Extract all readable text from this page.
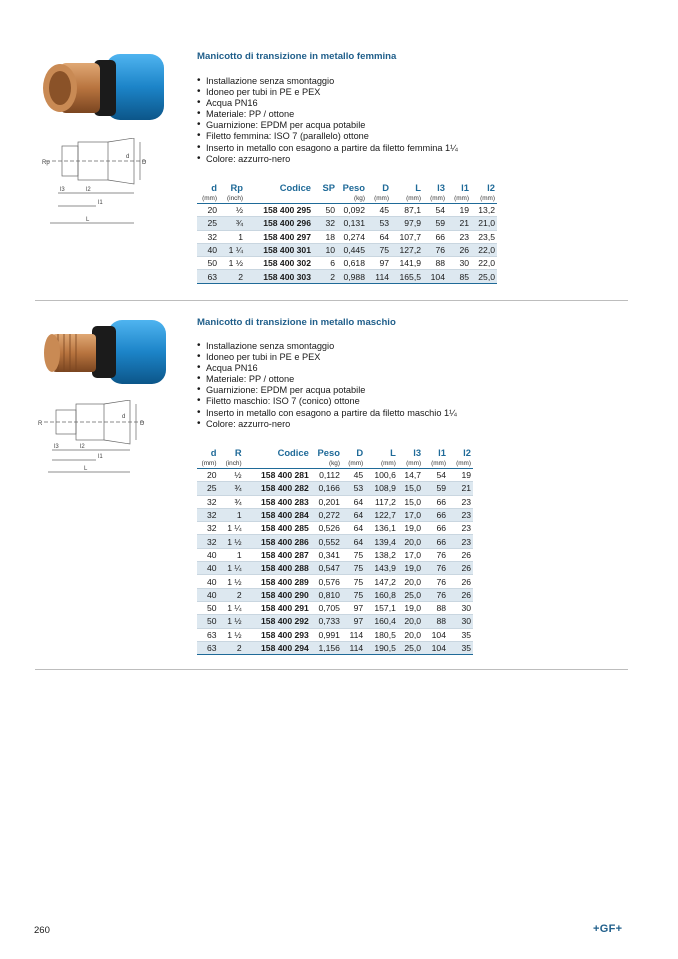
Rp
d
D
l3	l2
l1
L
Manicotto di transizione in metallo femmina
• Installazione senza smontaggio
• Idoneo per tubi in PE e PEX
• Acqua PN16
• Materiale: PP / ottone
• Guarnizione: EPDM per acqua potabile
• Filetto femmina: ISO 7 (parallelo) ottone
• Inserto in metallo con esagono a partire da filetto femmina 1¼
• Colore: azzurro-nero
d	Rp	Codice	SP	Peso	D	L	l3	l1	l2
(mm)	(inch)			(kg)	(mm)	(mm)	(mm)	(mm)	(mm)
20	½	158 400 295	50	0,092	45	87,1	54	19	13,2
25	¾	158 400 296	32	0,131	53	97,9	59	21	21,0
32	1	158 400 297	18	0,274	64	107,7	66	23	23,5
40	1 ¼	158 400 301	10	0,445	75	127,2	76	26	22,0
50	1 ½	158 400 302	6	0,618	97	141,9	88	30	22,0
63	2	158 400 303	2	0,988	114	165,5	104	85	25,0
R
d
D
l3	l2
l1
L
Manicotto di transizione in metallo maschio
• Installazione senza smontaggio
• Idoneo per tubi in PE e PEX
• Acqua PN16
• Materiale: PP / ottone
• Guarnizione: EPDM per acqua potabile
• Filetto maschio: ISO 7 (conico) ottone
• Inserto in metallo con esagono a partire da filetto maschio 1¼
• Colore: azzurro-nero
d	R	Codice	Peso	D	L	l3	l1	l2
(mm)	(inch)		(kg)	(mm)	(mm)	(mm)	(mm)	(mm)
20	½	158 400 281	0,112	45	100,6	14,7	54	19
25	¾	158 400 282	0,166	53	108,9	15,0	59	21
32	¾	158 400 283	0,201	64	117,2	15,0	66	23
32	1	158 400 284	0,272	64	122,7	17,0	66	23
32	1 ¼	158 400 285	0,526	64	136,1	19,0	66	23
32	1 ½	158 400 286	0,552	64	139,4	20,0	66	23
40	1	158 400 287	0,341	75	138,2	17,0	76	26
40	1 ¼	158 400 288	0,547	75	143,9	19,0	76	26
40	1 ½	158 400 289	0,576	75	147,2	20,0	76	26
40	2	158 400 290	0,810	75	160,8	25,0	76	26
50	1 ¼	158 400 291	0,705	97	157,1	19,0	88	30
50	1 ½	158 400 292	0,733	97	160,4	20,0	88	30
63	1 ½	158 400 293	0,991	114	180,5	20,0	104	35
63	2	158 400 294	1,156	114	190,5	25,0	104	35
260	+GF+
